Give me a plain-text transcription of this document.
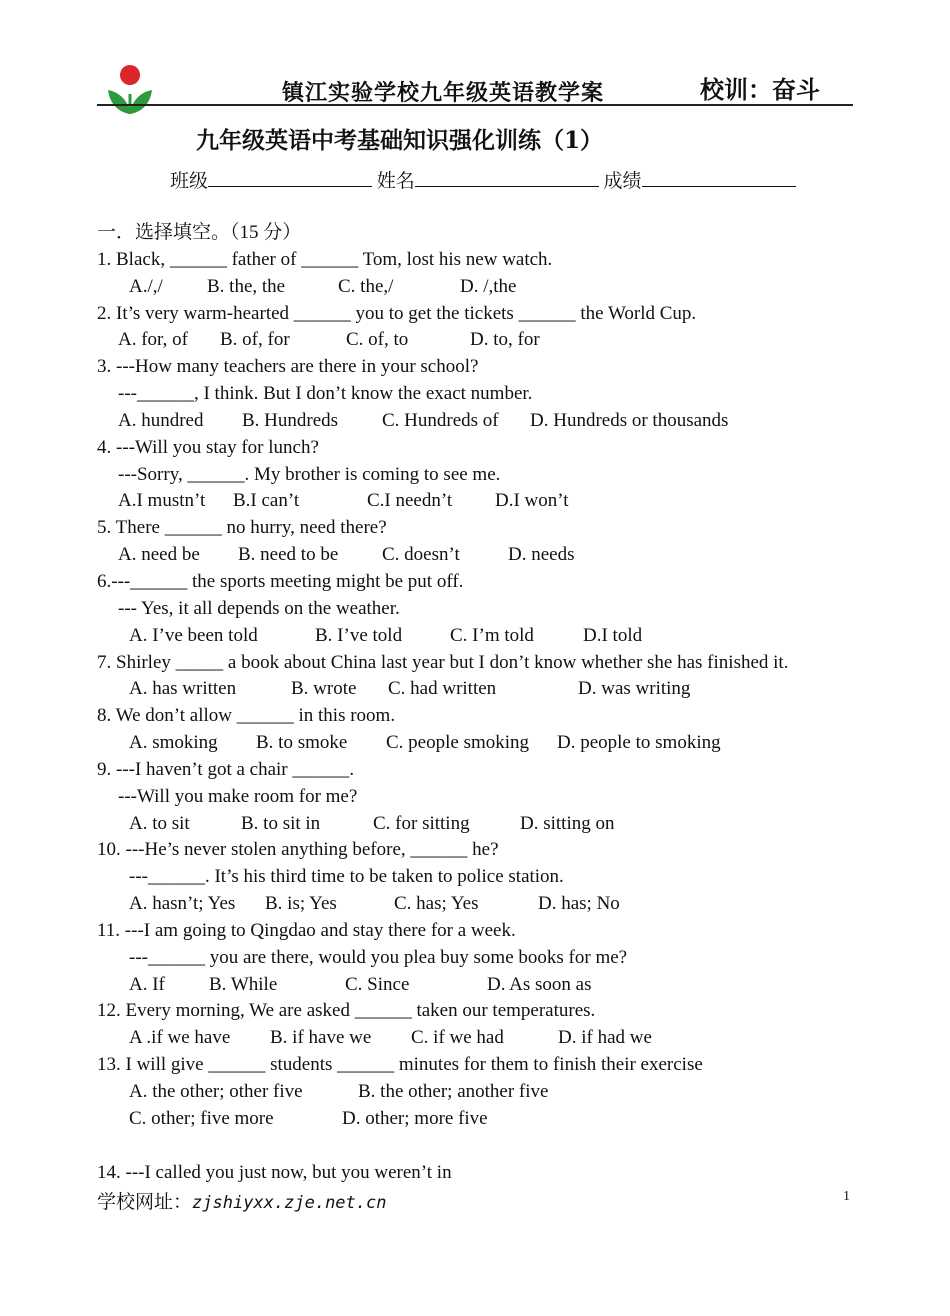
镇江实验学校九年级英语教学案	校训：奋斗
九年级英语中考基础知识强化训练（1）
班级	姓名	成绩
一．选择填空。（15 分）
1. Black, ______ father of ______ Tom, lost his new watch.
A./,/ B. the, the	C. the,/	D. /,the
2. It’s very warm-hearted ______ you to get the tickets ______ the World Cup.
A. for, of B. of, for	C. of, to	D. to, for
3. ---How many teachers are there in your school?
---______, I think. But I don’t know the exact number.
A. hundred B. Hundreds C. Hundreds of D. Hundreds or thousands
4. ---Will you stay for lunch?
---Sorry, ______. My brother is coming to see me.
A.I mustn’t B.I can’t	C.I needn’t D.I won’t
5. There ______ no hurry, need there?
A. need be B. need to be C. doesn’t	D. needs
6.---______ the sports meeting might be put off.
--- Yes, it all depends on the weather.
A. I’ve been told	B. I’ve told	C. I’m told	D.I told
7. Shirley _____ a book about China last year but I don’t know whether she has finished it.
A. has written	B. wrote C. had written	D. was writing
8. We don’t allow ______ in this room.
A. smoking B. to smoke C. people smoking D. people to smoking
9. ---I haven’t got a chair ______.
---Will you make room for me?
A. to sit	B. to sit in	C. for sitting	D. sitting on
10. ---He’s never stolen anything before, ______ he?
---______. It’s his third time to be taken to police station.
A. hasn’t; Yes B. is; Yes	C. has; Yes	D. has; No
11. ---I am going to Qingdao and stay there for a week.
---______ you are there, would you plea buy some books for me?
A. If B. While	C. Since	D. As soon as
12. Every morning, We are asked ______ taken our temperatures.
A .if we have B. if have we C. if we had	D. if had we
13. I will give ______ students ______ minutes for them to finish their exercise
A. the other; other five	B. the other; another five
C. other; five more	D. other; more five
14. ---I called you just now, but you weren’t in
学校网址：zjshiyxx.zje.net.cn	1
